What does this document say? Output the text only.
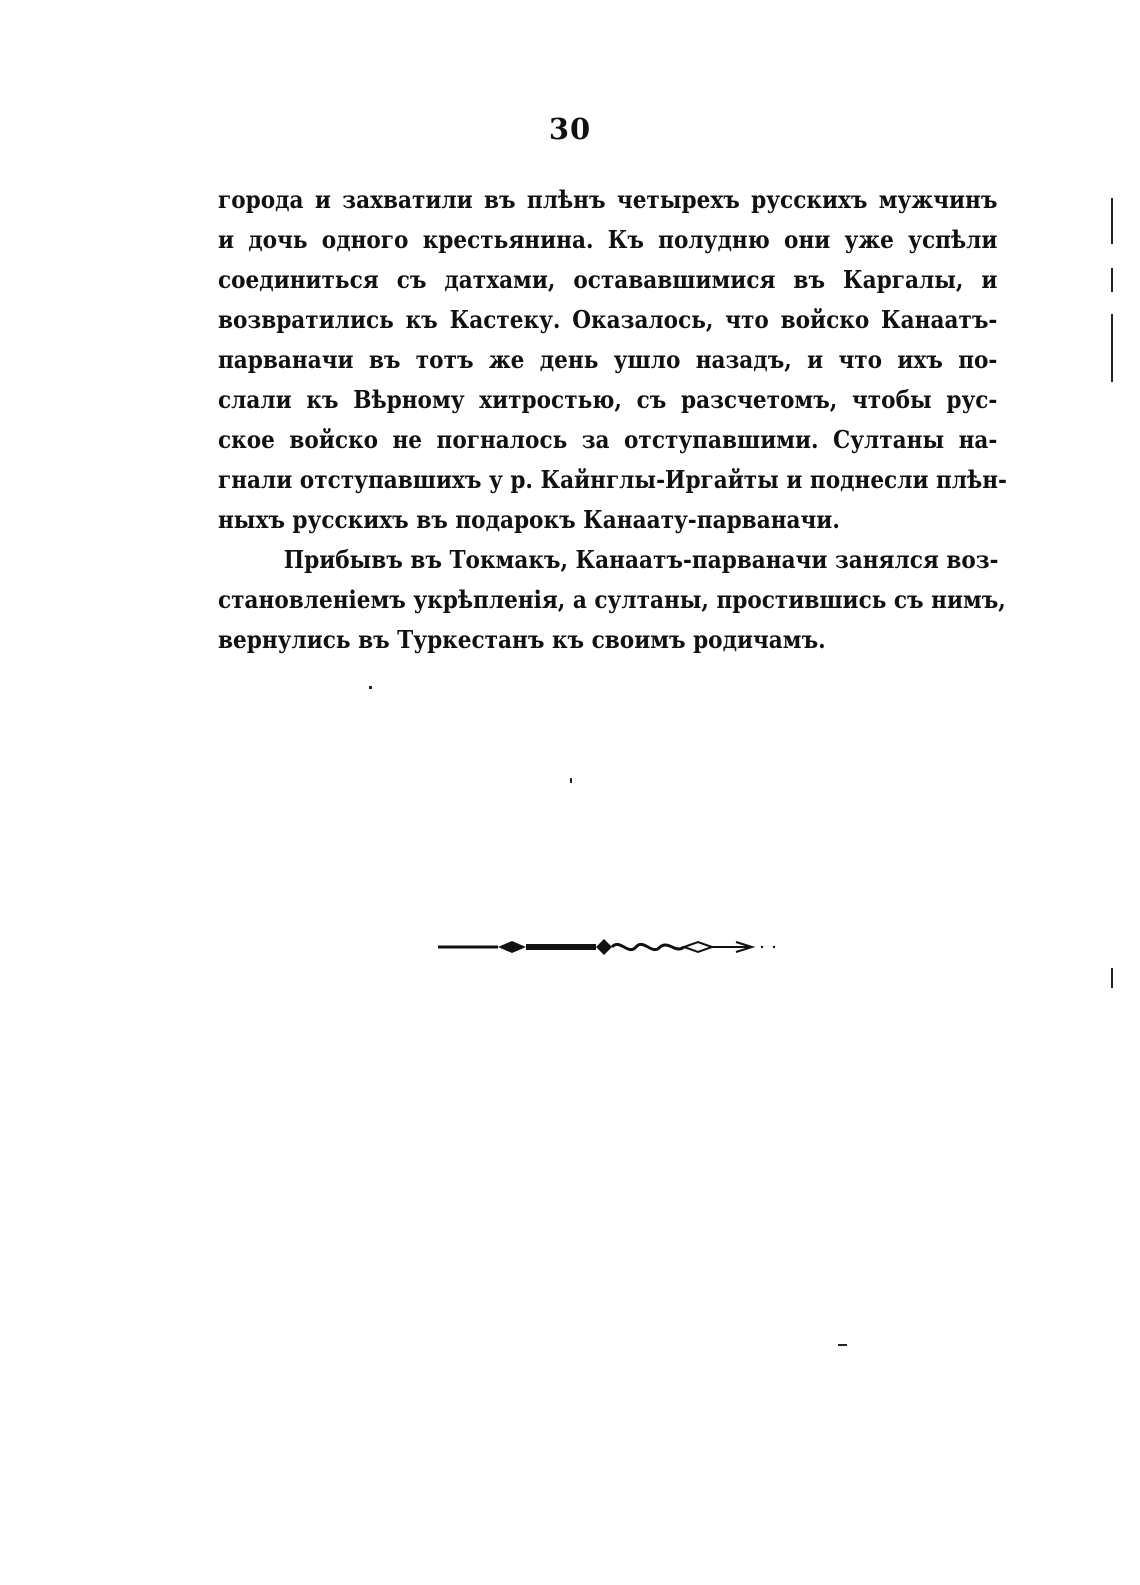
30
города и захватили въ плѣнъ четырехъ русскихъ мужчинъ
и дочь одного крестьянина. Къ полудню они уже успѣли
соединиться съ датхами, остававшимися въ Каргалы, и
возвратились къ Кастеку. Оказалось, что войско Канаатъ-
парваначи въ тотъ же день ушло назадъ, и что ихъ по-
слали къ Вѣрному хитростью, съ разсчетомъ, чтобы рус-
ское войско не погналось за отступавшими. Султаны на-
гнали отступавшихъ у р. Кайнглы-Иргайты и поднесли плѣн-
ныхъ русскихъ въ подарокъ Канаату-парваначи.
Прибывъ въ Токмакъ, Канаатъ-парваначи занялся воз-
становленіемъ укрѣпленія, а султаны, простившись съ нимъ,
вернулись въ Туркестанъ къ своимъ родичамъ.
